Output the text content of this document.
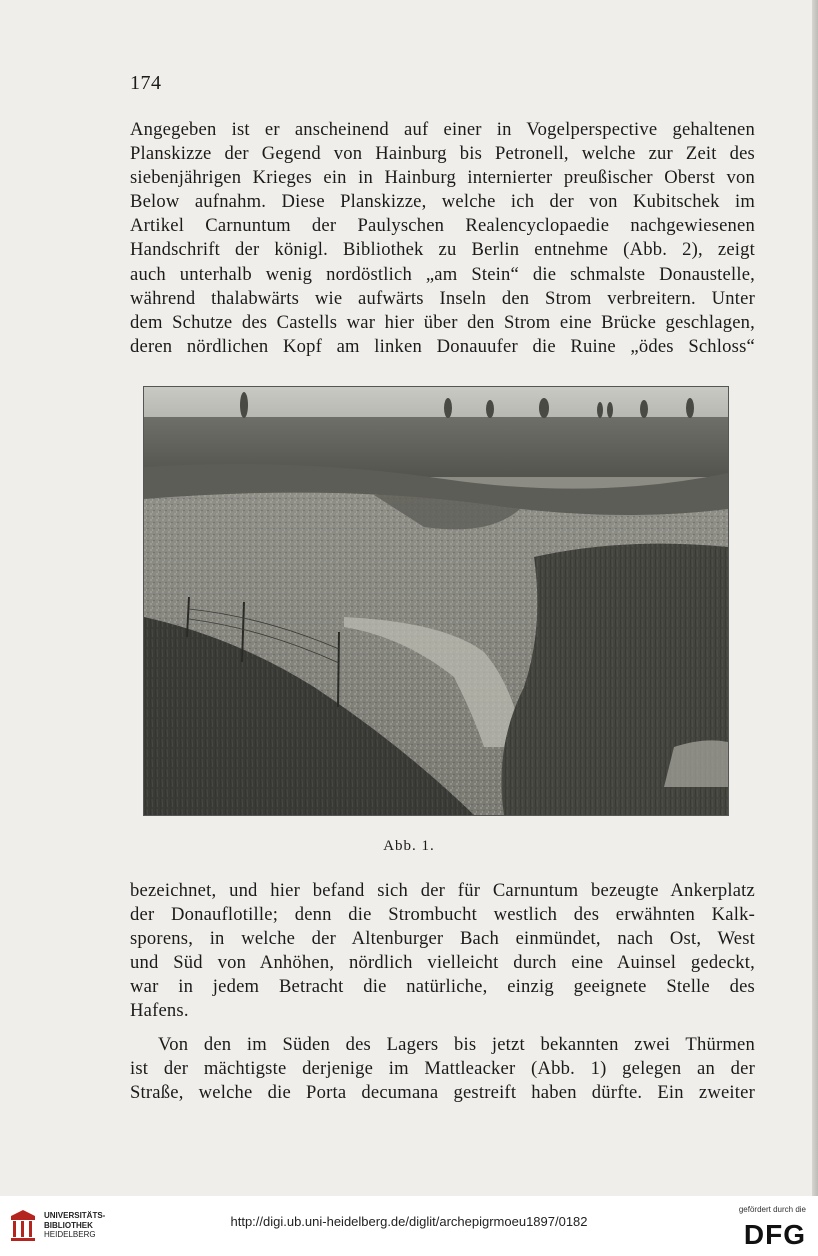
174
Angegeben ist er anscheinend auf einer in Vogelperspective gehaltenen
Planskizze der Gegend von Hainburg bis Petronell, welche zur Zeit des
siebenjährigen Krieges ein in Hainburg internierter preußischer Oberst von
Below aufnahm. Diese Planskizze, welche ich der von Kubitschek im
Artikel Carnuntum der Paulyschen Realencyclopaedie nachgewiesenen
Handschrift der königl. Bibliothek zu Berlin entnehme (Abb. 2), zeigt
auch unterhalb wenig nordöstlich „am Stein“ die schmalste Donaustelle,
während thalabwärts wie aufwärts Inseln den Strom verbreitern. Unter
dem Schutze des Castells war hier über den Strom eine Brücke geschlagen,
deren nördlichen Kopf am linken Donauufer die Ruine „ödes Schloss“
Abb. 1.
bezeichnet, und hier befand sich der für Carnuntum bezeugte Ankerplatz
der Donauflotille; denn die Strombucht westlich des erwähnten Kalk-
sporens, in welche der Altenburger Bach einmündet, nach Ost, West
und Süd von Anhöhen, nördlich vielleicht durch eine Auinsel gedeckt,
war in jedem Betracht die natürliche, einzig geeignete Stelle des
Hafens.
Von den im Süden des Lagers bis jetzt bekannten zwei Thürmen
ist der mächtigste derjenige im Mattleacker (Abb. 1) gelegen an der
Straße, welche die Porta decumana gestreift haben dürfte. Ein zweiter
UNIVERSITÄTS-
BIBLIOTHEK
HEIDELBERG
http://digi.ub.uni-heidelberg.de/diglit/archepigrmoeu1897/0182
gefördert durch die
DFG
